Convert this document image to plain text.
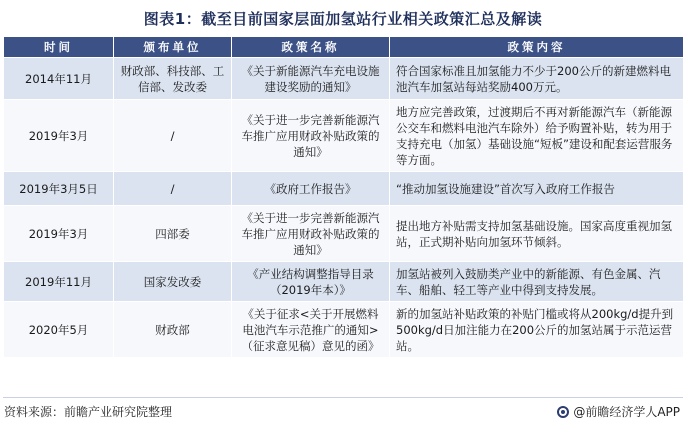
图表1：截至目前国家层面加氢站行业相关政策汇总及解读
时间	颁布单位	政策名称	政策内容
2014年11月	财政部、科技部、工信部、发改委	《关于新能源汽车充电设施建设奖励的通知》	符合国家标准且加氢能力不少于200公斤的新建燃料电池汽车加氢站每站奖励400万元。
2019年3月	/	《关于进一步完善新能源汽车推广应用财政补贴政策的通知》	地方应完善政策，过渡期后不再对新能源汽车（新能源公交车和燃料电池汽车除外）给予购置补贴，转为用于支持充电（加氢）基础设施“短板”建设和配套运营服务等方面。
2019年3月5日	/	《政府工作报告》	“推动加氢设施建设”首次写入政府工作报告
2019年3月	四部委	《关于进一步完善新能源汽车推广应用财政补贴政策的通知》	提出地方补贴需支持加氢基础设施。国家高度重视加氢站，正式期补贴向加氢环节倾斜。
2019年11月	国家发改委	《产业结构调整指导目录（2019年本）》	加氢站被列入鼓励类产业中的新能源、有色金属、汽车、船舶、轻工等产业中得到支持发展。
2020年5月	财政部	《关于征求<关于开展燃料电池汽车示范推广的通知>（征求意见稿）意见的函》	新的加氢站补贴政策的补贴门槛或将从200kg/d提升到500kg/d日加注能力在200公斤的加氢站属于示范运营站。
资料来源：前瞻产业研究院整理	@前瞻经济学人APP
